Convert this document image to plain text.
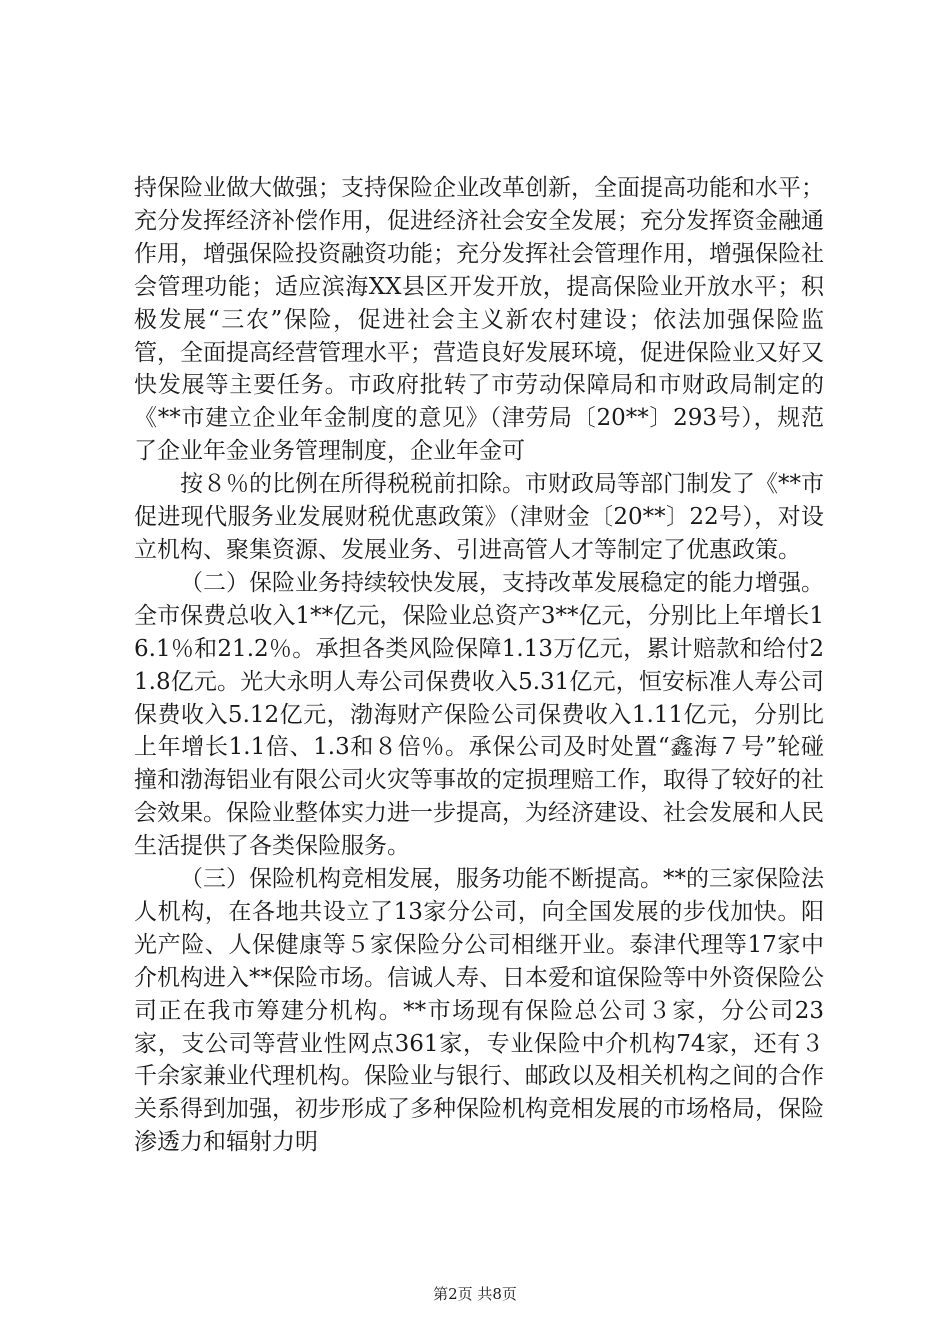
持保险业做大做强；支持保险企业改革创新，全面提高功能和水平；充分发挥经济补偿作用，促进经济社会安全发展；充分发挥资金融通作用，增强保险投资融资功能；充分发挥社会管理作用，增强保险社会管理功能；适应滨海XX县区开发开放，提高保险业开放水平；积极发展“三农”保险，促进社会主义新农村建设；依法加强保险监管，全面提高经营管理水平；营造良好发展环境，促进保险业又好又快发展等主要任务。市政府批转了市劳动保障局和市财政局制定的《**市建立企业年金制度的意见》（津劳局〔20**〕293号），规范了企业年金业务管理制度，企业年金可

按８％的比例在所得税税前扣除。市财政局等部门制发了《**市促进现代服务业发展财税优惠政策》（津财金〔20**〕22号），对设立机构、聚集资源、发展业务、引进高管人才等制定了优惠政策。

（二）保险业务持续较快发展，支持改革发展稳定的能力增强。全市保费总收入1**亿元，保险业总资产3**亿元，分别比上年增长16.1％和21.2％。承担各类风险保障1.13万亿元，累计赔款和给付21.8亿元。光大永明人寿公司保费收入5.31亿元，恒安标准人寿公司保费收入5.12亿元，渤海财产保险公司保费收入1.11亿元，分别比上年增长1.1倍、1.3和８倍％。承保公司及时处置“鑫海７号”轮碰撞和渤海铝业有限公司火灾等事故的定损理赔工作，取得了较好的社会效果。保险业整体实力进一步提高，为经济建设、社会发展和人民生活提供了各类保险服务。

（三）保险机构竞相发展，服务功能不断提高。**的三家保险法人机构，在各地共设立了13家分公司，向全国发展的步伐加快。阳光产险、人保健康等５家保险分公司相继开业。泰津代理等17家中介机构进入**保险市场。信诚人寿、日本爱和谊保险等中外资保险公司正在我市筹建分机构。**市场现有保险总公司３家，分公司23家，支公司等营业性网点361家，专业保险中介机构74家，还有３千余家兼业代理机构。保险业与银行、邮政以及相关机构之间的合作关系得到加强，初步形成了多种保险机构竞相发展的市场格局，保险渗透力和辐射力明

第2页 共8页
